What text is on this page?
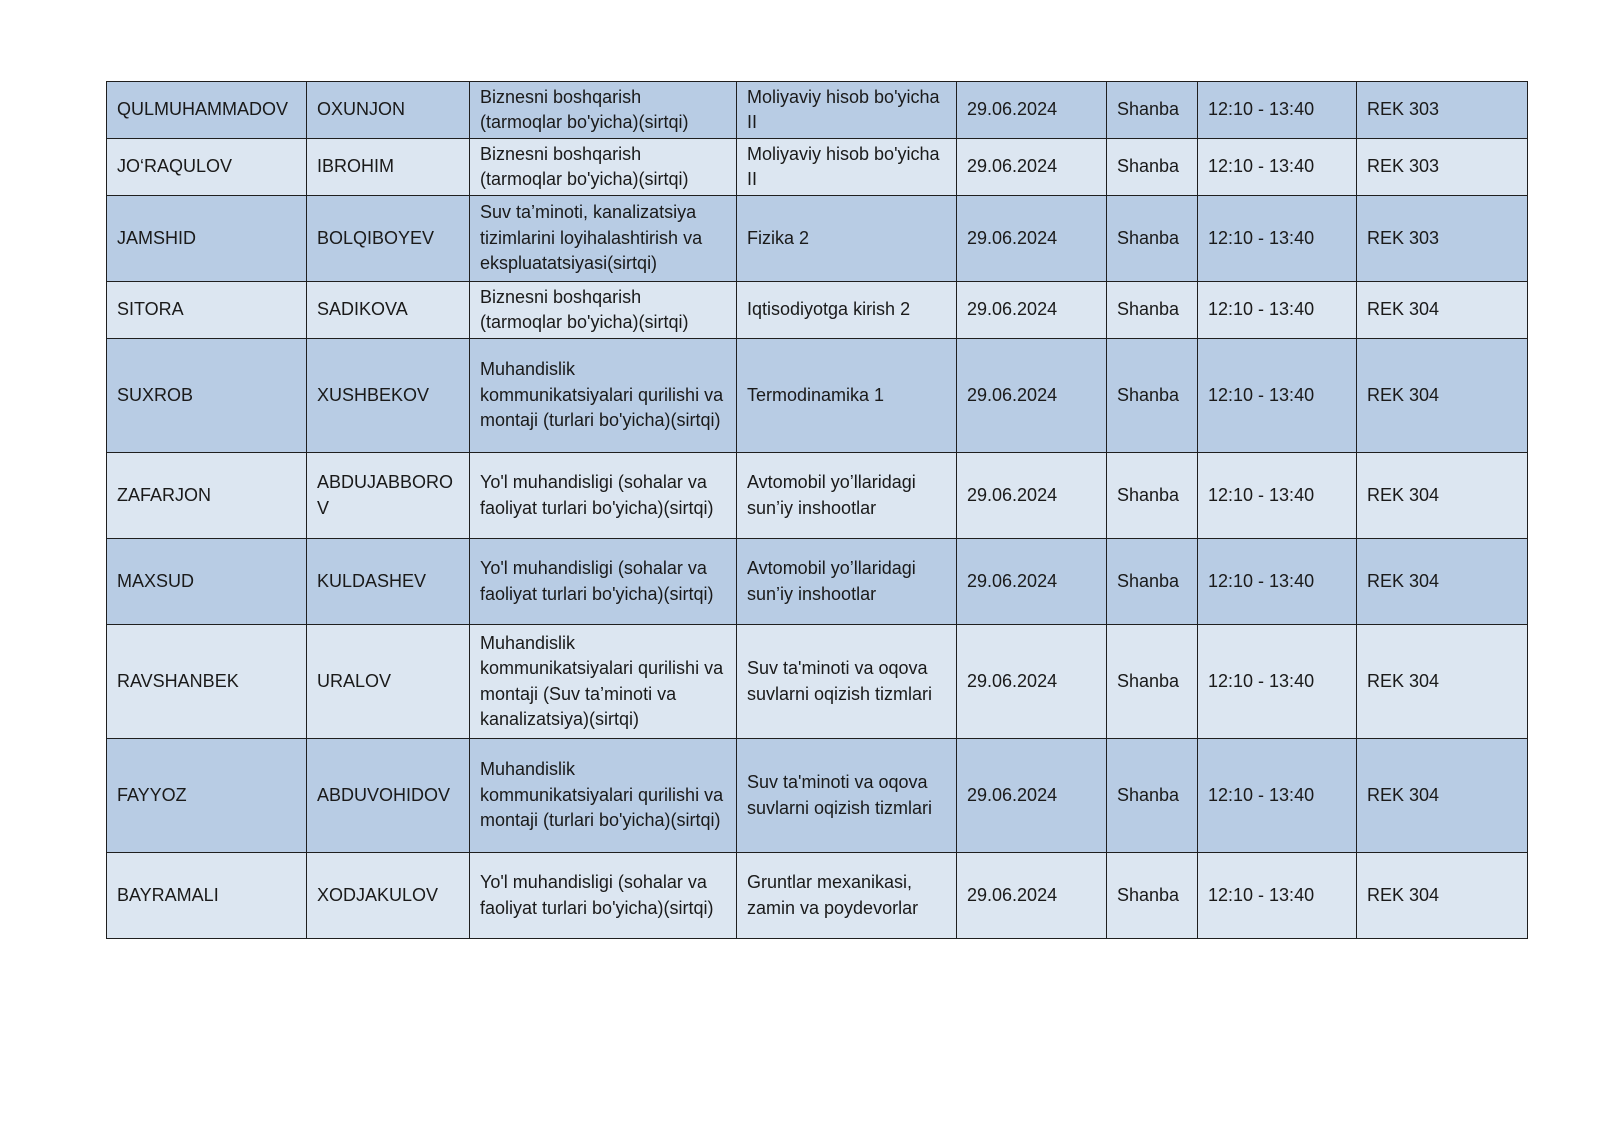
QULMUHAMMADOV	OXUNJON	Biznesni boshqarish (tarmoqlar bo'yicha)(sirtqi)	Moliyaviy hisob bo'yicha II	29.06.2024	Shanba	12:10 - 13:40	REK 303
JO‘RAQULOV	IBROHIM	Biznesni boshqarish (tarmoqlar bo'yicha)(sirtqi)	Moliyaviy hisob bo'yicha II	29.06.2024	Shanba	12:10 - 13:40	REK 303
JAMSHID	BOLQIBOYEV	Suv ta’minoti, kanalizatsiya tizimlarini loyihalashtirish va ekspluatatsiyasi(sirtqi)	Fizika 2	29.06.2024	Shanba	12:10 - 13:40	REK 303
SITORA	SADIKOVA	Biznesni boshqarish (tarmoqlar bo'yicha)(sirtqi)	Iqtisodiyotga kirish 2	29.06.2024	Shanba	12:10 - 13:40	REK 304
SUXROB	XUSHBEKOV	Muhandislik kommunikatsiyalari qurilishi va montaji (turlari bo'yicha)(sirtqi)	Termodinamika 1	29.06.2024	Shanba	12:10 - 13:40	REK 304
ZAFARJON	ABDUJABBOROV	Yo'l muhandisligi (sohalar va faoliyat turlari bo'yicha)(sirtqi)	Avtomobil yo’llaridagi sun’iy inshootlar	29.06.2024	Shanba	12:10 - 13:40	REK 304
MAXSUD	KULDASHEV	Yo'l muhandisligi (sohalar va faoliyat turlari bo'yicha)(sirtqi)	Avtomobil yo’llaridagi sun’iy inshootlar	29.06.2024	Shanba	12:10 - 13:40	REK 304
RAVSHANBEK	URALOV	Muhandislik kommunikatsiyalari qurilishi va montaji (Suv ta’minoti va kanalizatsiya)(sirtqi)	Suv ta'minoti va oqova suvlarni oqizish tizmlari	29.06.2024	Shanba	12:10 - 13:40	REK 304
FAYYOZ	ABDUVOHIDOV	Muhandislik kommunikatsiyalari qurilishi va montaji (turlari bo'yicha)(sirtqi)	Suv ta'minoti va oqova suvlarni oqizish tizmlari	29.06.2024	Shanba	12:10 - 13:40	REK 304
BAYRAMALI	XODJAKULOV	Yo'l muhandisligi (sohalar va faoliyat turlari bo'yicha)(sirtqi)	Gruntlar mexanikasi, zamin va poydevorlar	29.06.2024	Shanba	12:10 - 13:40	REK 304
